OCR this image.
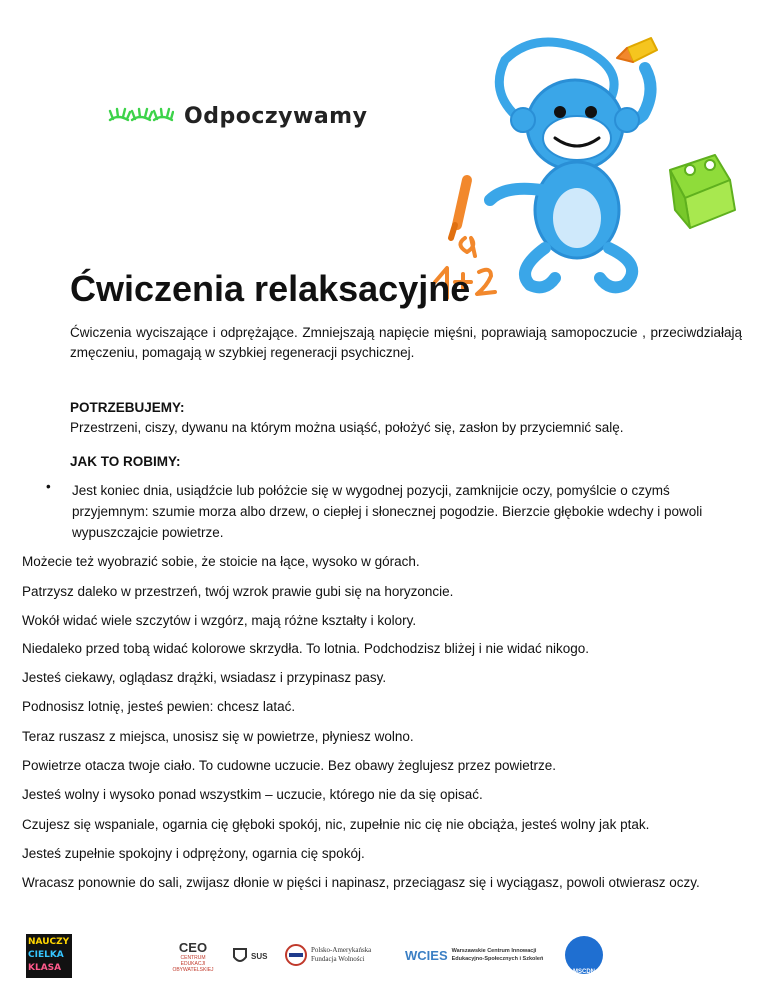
Odpoczywamy
Ćwiczenia relaksacyjne

Ćwiczenia wyciszające i odprężające. Zmniejszają napięcie mięśni, poprawiają samopoczucie , przeciwdziałają zmęczeniu, pomagają w szybkiej regeneracji psychicznej.

POTRZEBUJEMY:

Przestrzeni, ciszy, dywanu na którym można usiąść, położyć się, zasłon by przyciemnić salę.

JAK TO ROBIMY:

• Jest koniec dnia, usiądźcie lub połóżcie się w wygodnej pozycji, zamknijcie oczy, pomyślcie o czymś przyjemnym: szumie morza albo drzew, o ciepłej i słonecznej pogodzie. Bierzcie głębokie wdechy i powoli wypuszczajcie powietrze.

Możecie też wyobrazić sobie, że stoicie na łące, wysoko w górach.

Patrzysz daleko w przestrzeń, twój wzrok prawie gubi się na horyzoncie.

Wokół widać wiele szczytów i wzgórz, mają różne kształty i kolory.

Niedaleko przed tobą widać kolorowe skrzydła. To lotnia. Podchodzisz bliżej i nie widać nikogo.

Jesteś ciekawy, oglądasz drążki, wsiadasz i przypinasz pasy.

Podnosisz lotnię, jesteś pewien: chcesz latać.

Teraz ruszasz z miejsca, unosisz się w powietrze, płyniesz wolno.

Powietrze otacza twoje ciało. To cudowne uczucie. Bez obawy żeglujesz przez powietrze.

Jesteś wolny i wysoko ponad wszystkim – uczucie, którego nie da się opisać.

Czujesz się wspaniale, ogarnia cię głęboki spokój, nic, zupełnie nic cię nie obciąża, jesteś wolny jak ptak.

Jesteś zupełnie spokojny i odprężony, ogarnia cię spokój.

Wracasz ponownie do sali, zwijasz dłonie w pięści i napinasz, przeciągasz się i wyciągasz, powoli otwierasz oczy.

NAUCZY
CIELKA
KLASA
CEO
CENTRUM EDUKACJI OBYWATELSKIEJ
SUS
Polsko-Amerykańska
Fundacja Wolności	WCIES Warszawskie Centrum Innowacji
Edukacyjno-Społecznych i Szkoleń
$_{MSCDN}$
